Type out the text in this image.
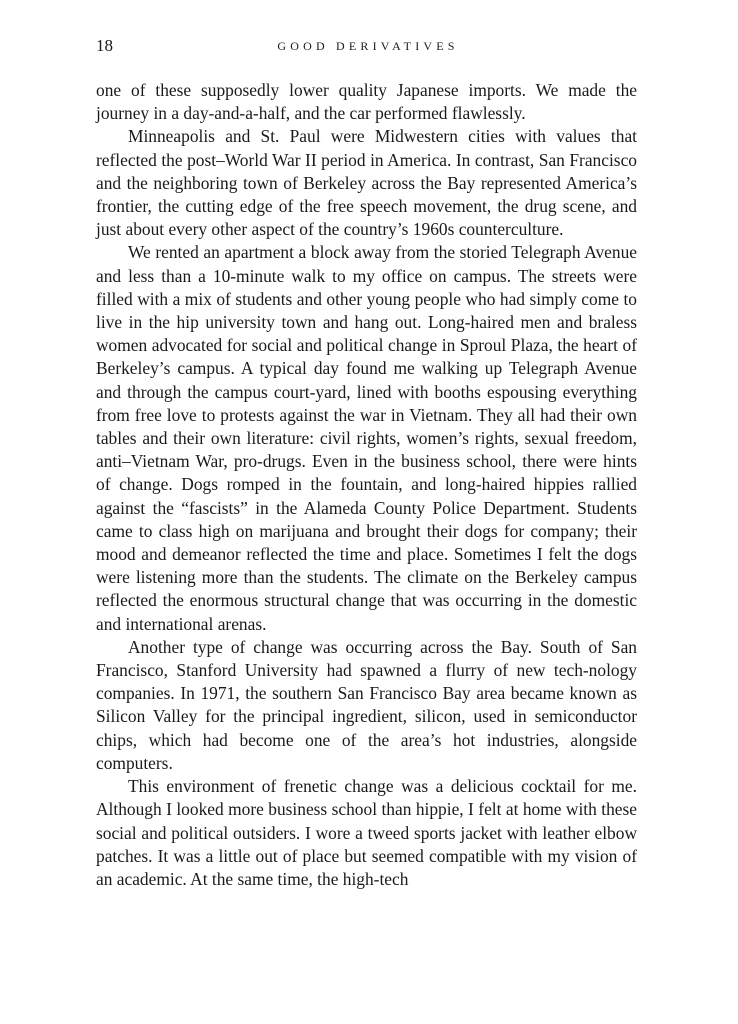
18	GOOD DERIVATIVES

one of these supposedly lower quality Japanese imports. We made the journey in a day-and-a-half, and the car performed flawlessly.

Minneapolis and St. Paul were Midwestern cities with values that reflected the post–World War II period in America. In contrast, San Francisco and the neighboring town of Berkeley across the Bay represented America’s frontier, the cutting edge of the free speech movement, the drug scene, and just about every other aspect of the country’s 1960s counterculture.

We rented an apartment a block away from the storied Telegraph Avenue and less than a 10-minute walk to my office on campus. The streets were filled with a mix of students and other young people who had simply come to live in the hip university town and hang out. Long-haired men and braless women advocated for social and political change in Sproul Plaza, the heart of Berkeley’s campus. A typical day found me walking up Telegraph Avenue and through the campus court-yard, lined with booths espousing everything from free love to protests against the war in Vietnam. They all had their own tables and their own literature: civil rights, women’s rights, sexual freedom, anti–Vietnam War, pro-drugs. Even in the business school, there were hints of change. Dogs romped in the fountain, and long-haired hippies rallied against the “fascists” in the Alameda County Police Department. Students came to class high on marijuana and brought their dogs for company; their mood and demeanor reflected the time and place. Sometimes I felt the dogs were listening more than the students. The climate on the Berkeley campus reflected the enormous structural change that was occurring in the domestic and international arenas.

Another type of change was occurring across the Bay. South of San Francisco, Stanford University had spawned a flurry of new tech-nology companies. In 1971, the southern San Francisco Bay area became known as Silicon Valley for the principal ingredient, silicon, used in semiconductor chips, which had become one of the area’s hot industries, alongside computers.

This environment of frenetic change was a delicious cocktail for me. Although I looked more business school than hippie, I felt at home with these social and political outsiders. I wore a tweed sports jacket with leather elbow patches. It was a little out of place but seemed compatible with my vision of an academic. At the same time, the high-tech
